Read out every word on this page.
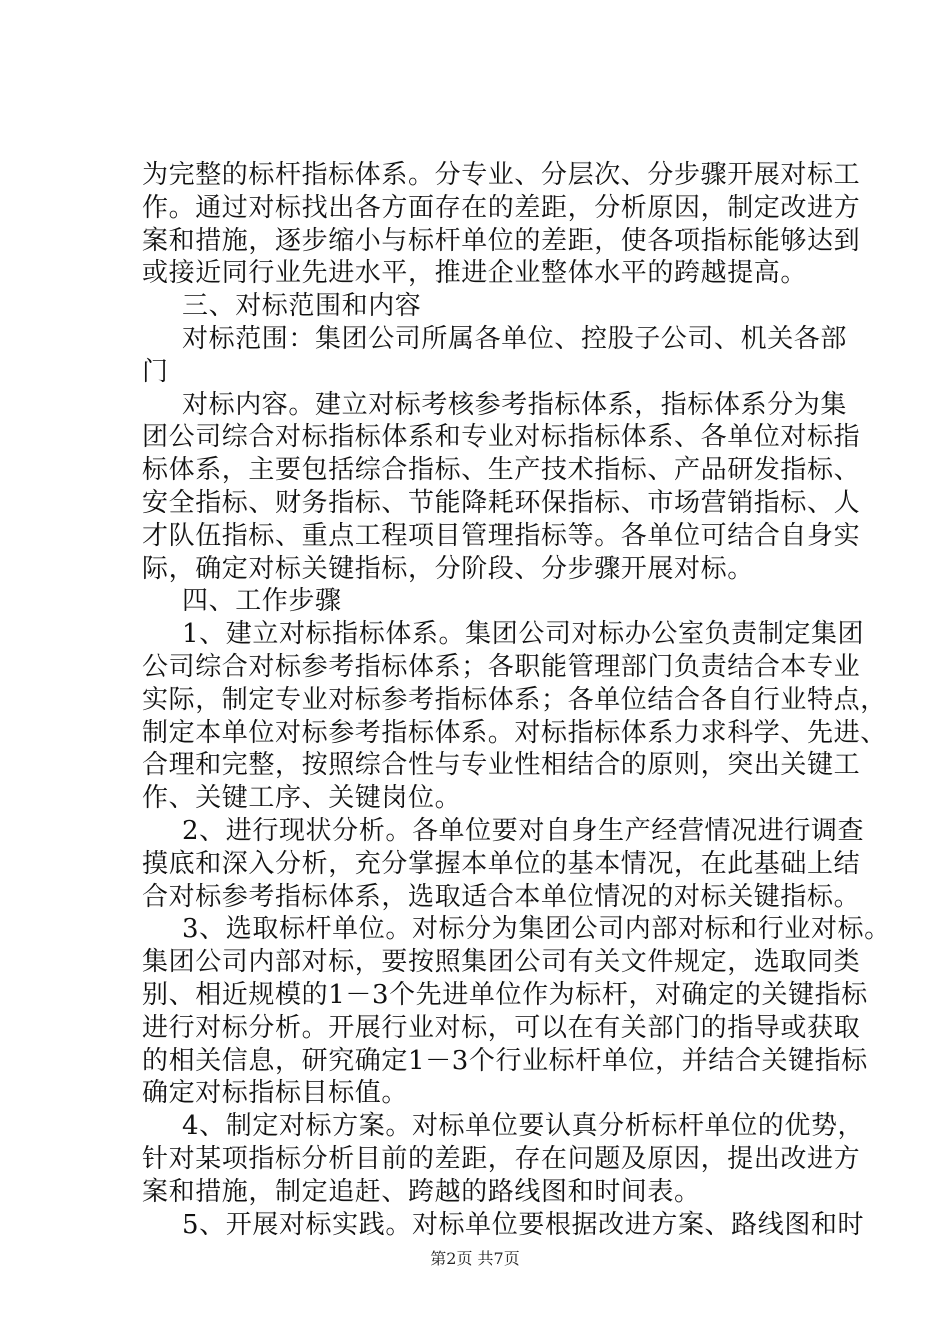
为完整的标杆指标体系。分专业、分层次、分步骤开展对标工
作。通过对标找出各方面存在的差距，分析原因，制定改进方
案和措施，逐步缩小与标杆单位的差距，使各项指标能够达到
或接近同行业先进水平，推进企业整体水平的跨越提高。
三、对标范围和内容
对标范围：集团公司所属各单位、控股子公司、机关各部
门
对标内容。建立对标考核参考指标体系，指标体系分为集
团公司综合对标指标体系和专业对标指标体系、各单位对标指
标体系，主要包括综合指标、生产技术指标、产品研发指标、
安全指标、财务指标、节能降耗环保指标、市场营销指标、人
才队伍指标、重点工程项目管理指标等。各单位可结合自身实
际，确定对标关键指标，分阶段、分步骤开展对标。
四、工作步骤
1、建立对标指标体系。集团公司对标办公室负责制定集团
公司综合对标参考指标体系；各职能管理部门负责结合本专业
实际，制定专业对标参考指标体系；各单位结合各自行业特点，
制定本单位对标参考指标体系。对标指标体系力求科学、先进、
合理和完整，按照综合性与专业性相结合的原则，突出关键工
作、关键工序、关键岗位。
2、进行现状分析。各单位要对自身生产经营情况进行调查
摸底和深入分析，充分掌握本单位的基本情况，在此基础上结
合对标参考指标体系，选取适合本单位情况的对标关键指标。
3、选取标杆单位。对标分为集团公司内部对标和行业对标。
集团公司内部对标，要按照集团公司有关文件规定，选取同类
别、相近规模的1－3个先进单位作为标杆，对确定的关键指标
进行对标分析。开展行业对标，可以在有关部门的指导或获取
的相关信息，研究确定1－3个行业标杆单位，并结合关键指标
确定对标指标目标值。
4、制定对标方案。对标单位要认真分析标杆单位的优势，
针对某项指标分析目前的差距，存在问题及原因，提出改进方
案和措施，制定追赶、跨越的路线图和时间表。
5、开展对标实践。对标单位要根据改进方案、路线图和时
第2页 共7页
